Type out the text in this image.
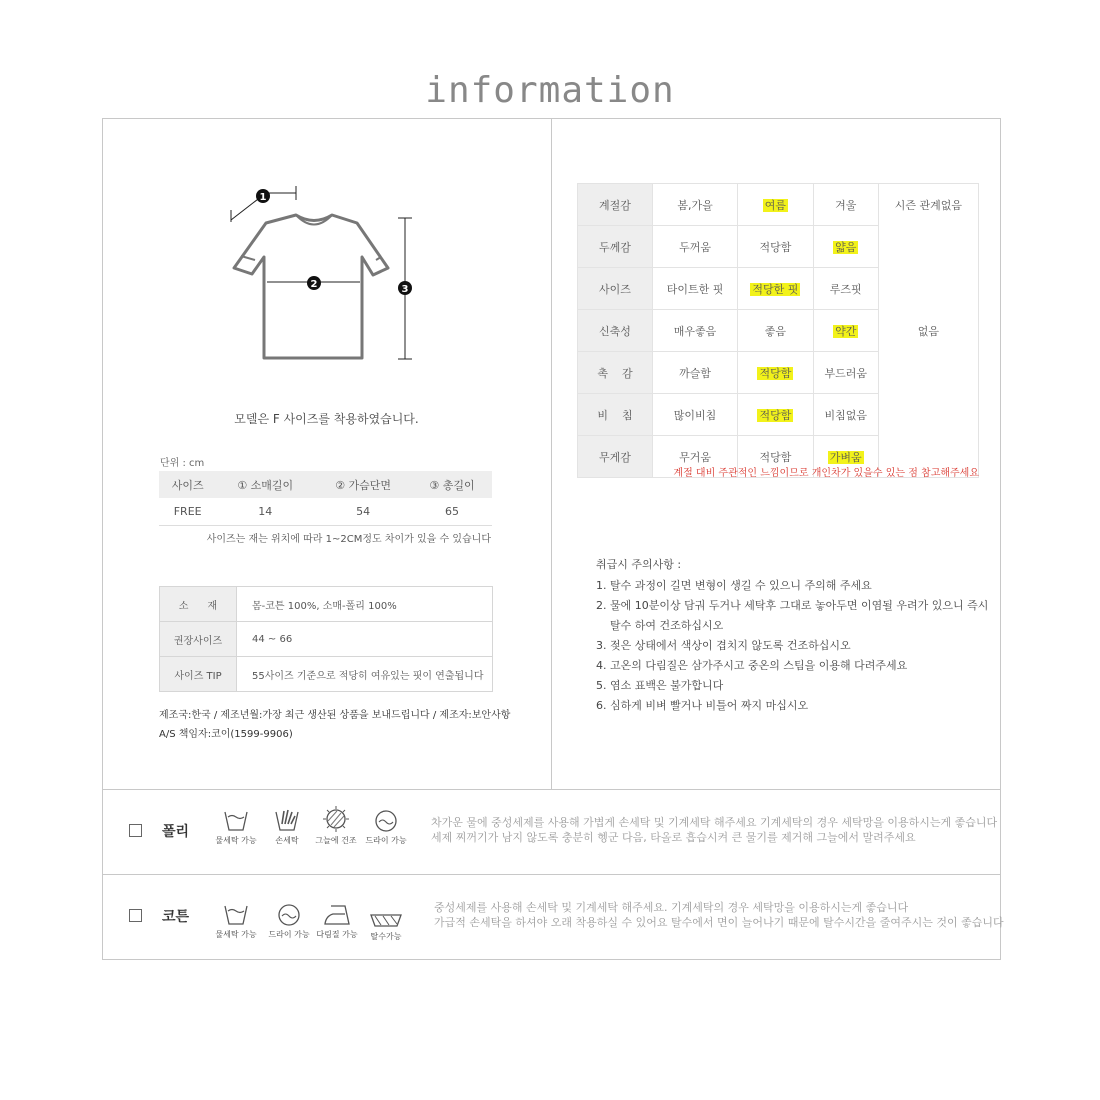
information
1
2	3
모델은 F 사이즈를 착용하였습니다.
단위 : cm
사이즈	① 소매길이	② 가슴단면	③ 총길이
FREE	14	54	65
사이즈는 재는 위치에 따라 1~2CM정도 차이가 있을 수 있습니다
소      재	몸-코튼 100%, 소매-폴리 100%
권장사이즈	44 ~ 66
사이즈 TIP	55사이즈 기준으로 적당히 여유있는 핏이 연출됩니다
제조국:한국 / 제조년월:가장 최근 생산된 상품을 보내드립니다 / 제조자:보안사항
A/S 책임자:코이(1599-9906)
계절감	봄,가을	여름	겨울	시즌 관계없음
두께감	두꺼움	적당함	얇음	
사이즈	타이트한 핏	적당한 핏	루즈핏	
신축성	매우좋음	좋음	약간	없음
촉    감	까슬함	적당함	부드러움	
비    침	많이비침	적당함	비침없음	
무게감	무거움	적당함	가벼움	
계절 대비 주관적인 느낌이므로 개인차가 있을수 있는 점 참고해주세요
취급시 주의사항 :
1. 탈수 과정이 길면 변형이 생길 수 있으니 주의해 주세요
2. 물에 10분이상 담궈 두거나 세탁후 그대로 놓아두면 이염될 우려가 있으니 즉시
탈수 하여 건조하십시오
3. 젖은 상태에서 색상이 겹치지 않도록 건조하십시오
4. 고온의 다림질은 삼가주시고 중온의 스팀을 이용해 다려주세요
5. 염소 표백은 불가합니다
6. 심하게 비벼 빨거나 비틀어 짜지 마십시오
폴리
물세탁 가능	손세탁	그늘에 건조	드라이 가능
차가운 물에 중성세제를 사용해 가볍게 손세탁 및 기계세탁 해주세요 기계세탁의 경우 세탁망을 이용하시는게 좋습니다
세제 찌꺼기가 남지 않도록 충분히 헹군 다음, 타올로 흡습시켜 큰 물기를 제거해 그늘에서 말려주세요
코튼
물세탁 가능	드라이 가능 다림질 가능	탈수가능
중성세제를 사용해 손세탁 및 기계세탁 해주세요. 기계세탁의 경우 세탁망을 이용하시는게 좋습니다
가급적 손세탁을 하셔야 오래 착용하실 수 있어요 탈수에서 면이 늘어나기 때문에 탈수시간을 줄여주시는 것이 좋습니다
